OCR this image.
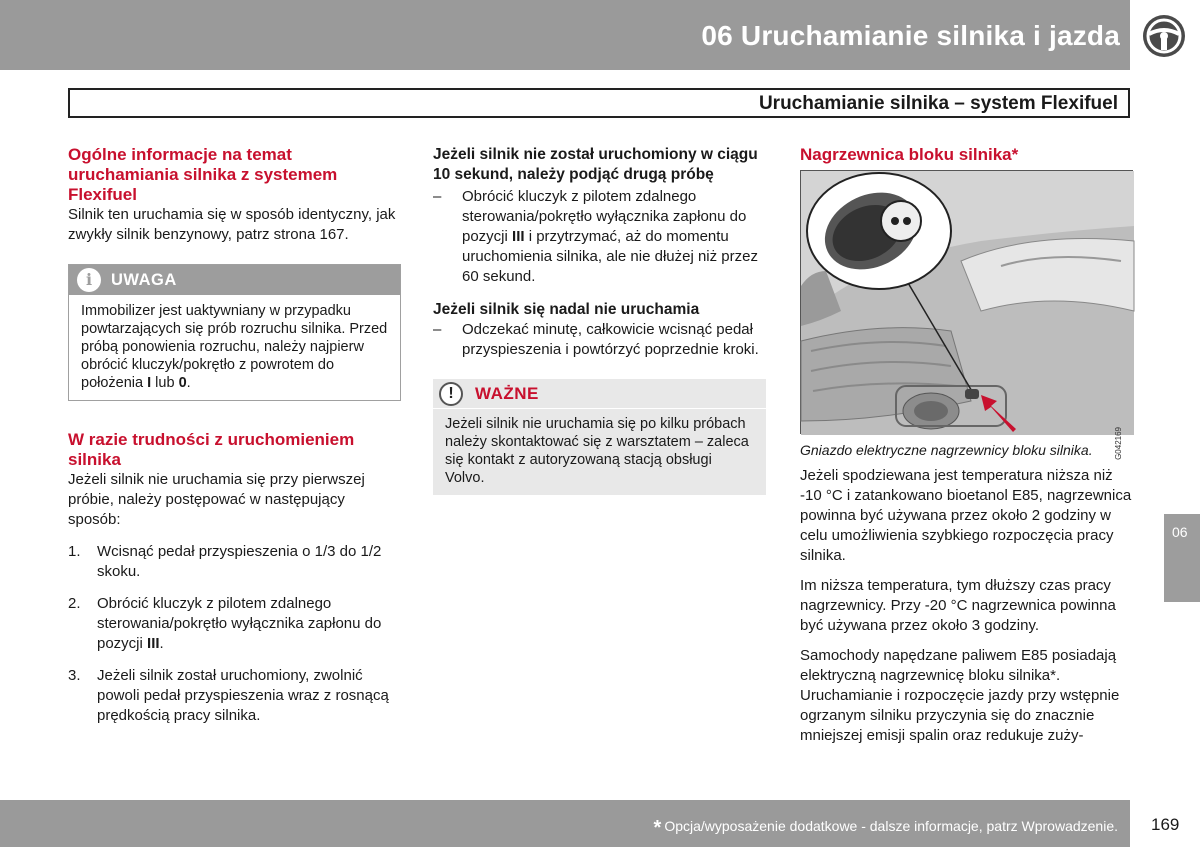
06 Uruchamianie silnika i jazda
Uruchamianie silnika – system Flexifuel
Ogólne informacje na temat uruchamiania silnika z systemem Flexifuel

Silnik ten uruchamia się w sposób identyczny, jak zwykły silnik benzynowy, patrz strona 167.

i	UWAGA
Immobilizer jest uaktywniany w przypadku powtarzających się prób rozruchu silnika. Przed próbą ponowienia rozruchu, należy najpierw obrócić kluczyk/pokrętło z powrotem do położenia I lub 0.
W razie trudności z uruchomieniem silnika

Jeżeli silnik nie uruchamia się przy pierwszej próbie, należy postępować w następujący sposób:

1. Wcisnąć pedał przyspieszenia o 1/3 do 1/2 skoku.
2. Obrócić kluczyk z pilotem zdalnego sterowania/pokrętło wyłącznika zapłonu do pozycji III.
3. Jeżeli silnik został uruchomiony, zwolnić powoli pedał przyspieszenia wraz z rosnącą prędkością pracy silnika.
Jeżeli silnik nie został uruchomiony w ciągu 10 sekund, należy podjąć drugą próbę
– Obrócić kluczyk z pilotem zdalnego sterowania/pokrętło wyłącznika zapłonu do pozycji III i przytrzymać, aż do momentu uruchomienia silnika, ale nie dłużej niż przez 60 sekund.
Jeżeli silnik się nadal nie uruchamia
– Odczekać minutę, całkowicie wcisnąć pedał przyspieszenia i powtórzyć poprzednie kroki.
!	WAŻNE
Jeżeli silnik nie uruchamia się po kilku próbach należy skontaktować się z warsztatem – zaleca się kontakt z autoryzowaną stacją obsługi Volvo.
Nagrzewnica bloku silnika*
G042169

Gniazdo elektryczne nagrzewnicy bloku silnika.

Jeżeli spodziewana jest temperatura niższa niż -10 °C i zatankowano bioetanol E85, nagrzewnica powinna być używana przez około 2 godziny w celu umożliwienia szybkiego rozpoczęcia pracy silnika.

Im niższa temperatura, tym dłuższy czas pracy nagrzewnicy. Przy -20 °C nagrzewnica powinna być używana przez około 3 godziny.

Samochody napędzane paliwem E85 posiadają elektryczną nagrzewnicę bloku silnika*. Uruchamianie i rozpoczęcie jazdy przy wstępnie ogrzanym silniku przyczynia się do znacznie mniejszej emisji spalin oraz redukuje zuży-

06
* Opcja/wyposażenie dodatkowe - dalsze informacje, patrz Wprowadzenie. 169
